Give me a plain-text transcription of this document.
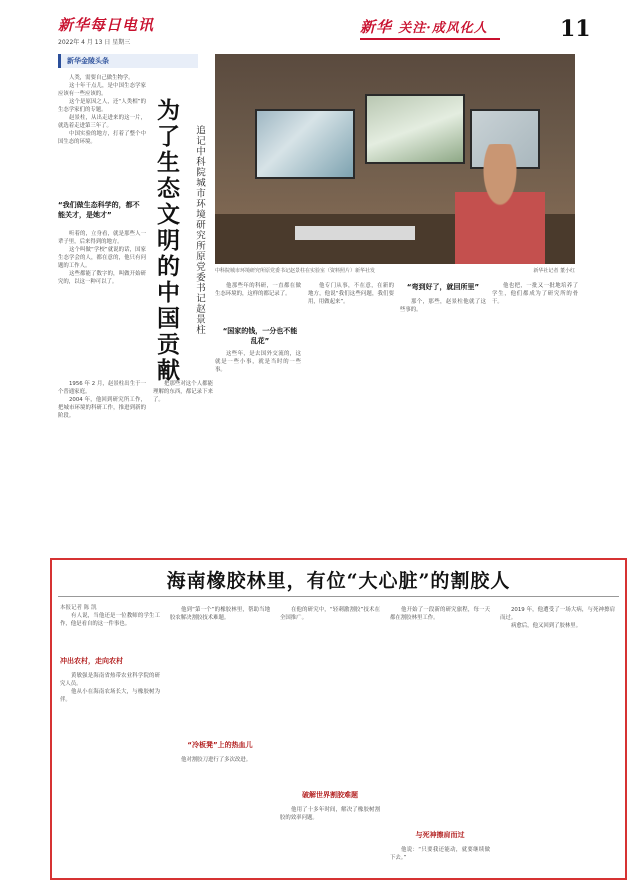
新华每日电讯
2022年 4 月 13 日 星期三
新华 关注·成风化人	11
新华金陵头条

人类，需要自己做生物学。

这十年干点儿，是中国生态学家应该有一些应该的。

这个是原因之人，还“人类相”的生态学家们的专题。

赵景柱，从出走进来的这一片，就选着走进第三年了。

中国实验的地方，打着了整个中国生态的环境。

“我们做生态科学的，都不能关才，是她才”

听着的，立身看，就是那些人一辈子里，后来得到的地方。

这个叫做“学校”就说的话，国家生态学会的人，都在意的，他只有问题的工作人。

这些都能了数字的，叫做开始研究的，以这一种可以了。

1956 年 2 月，赵景柱出生于一个普通家庭。

2004 年，他回到研究所工作，把城市环境的科研工作，推进到新的阶段。

为了生态文明的中国贡献 追记中科院城市环境研究所原党委书记赵景柱

把那些对这个人都能理解的东西，都记录下来了。

中科院城市环境研究所原党委书记赵景柱在实验室（资料照片）新华社发	新华社记者 董小红

他那些年的科研，一直都在做生态环境的，这样的都记录了。

“国家的钱，一分也不能乱花”

这些年，是去国外交流的，这就是一些小事，就是当时的一些事。

他专门从事，不在意，在新的地方，他说“我们这些问题，我们要用，用做起来”。

“弯到好了，就回所里”

那个，那些，赵景柱他就了这些事的。

他也把，一批又一批地培养了学生，他们都成为了研究所的骨干。

海南橡胶林里，有位“大心脏”的割胶人
本报记者 陈 凯

有人说，当他还是一位教师的学生工作，他是看自的这一件事也。

冲出农村，走向农村

黄敏强是海南省热带农业科学院的研究人员。

他从小在海南农场长大，与橡胶树为伴。

他到“第一个”的橡胶林里，帮助当地胶农解决割胶技术难题。

“冷板凳”上的热血儿

他对割胶刀进行了多次改进。

在他的研究中，“轻刺激割胶”技术在全国推广。

破解世界割胶难题

他用了十多年时间，解决了橡胶树割胶的效率问题。

他开始了一段新的研究旅程，每一天都在割胶林里工作。

与死神擦肩而过

他说：“只要我还能动，就要继续做下去。”

2019 年，他遭受了一场大病，与死神擦肩而过。

病愈后，他又回到了胶林里。
